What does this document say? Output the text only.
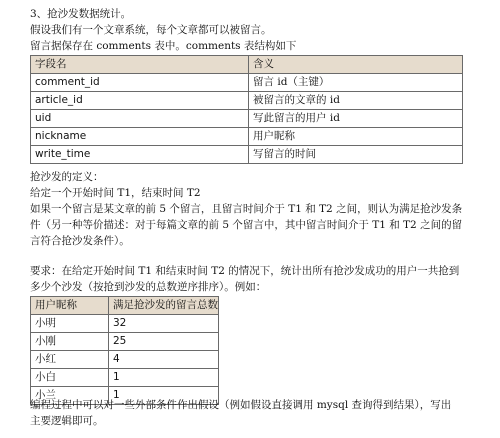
3、抢沙发数据统计。
假设我们有一个文章系统，每个文章都可以被留言。
留言据保存在 comments 表中。comments 表结构如下
字段名	含义
comment_id	留言 id（主键）
article_id	被留言的文章的 id
uid	写此留言的用户 id
nickname	用户昵称
write_time	写留言的时间
抢沙发的定义：
给定一个开始时间 T1，结束时间 T2
如果一个留言是某文章的前 5 个留言，且留言时间介于 T1 和 T2 之间，则认为满足抢沙发条
件（另一种等价描述：对于每篇文章的前 5 个留言中，其中留言时间介于 T1 和 T2 之间的留
言符合抢沙发条件）。
要求：在给定开始时间 T1 和结束时间 T2 的情况下，统计出所有抢沙发成功的用户一共抢到
多少个沙发（按抢到沙发的总数逆序排序）。例如：
用户昵称	满足抢沙发的留言总数
小明	32
小刚	25
小红	4
小白	1
小兰	1
编程过程中可以对一些外部条件作出假设（例如假设直接调用 mysql 查询得到结果），写出
主要逻辑即可。
